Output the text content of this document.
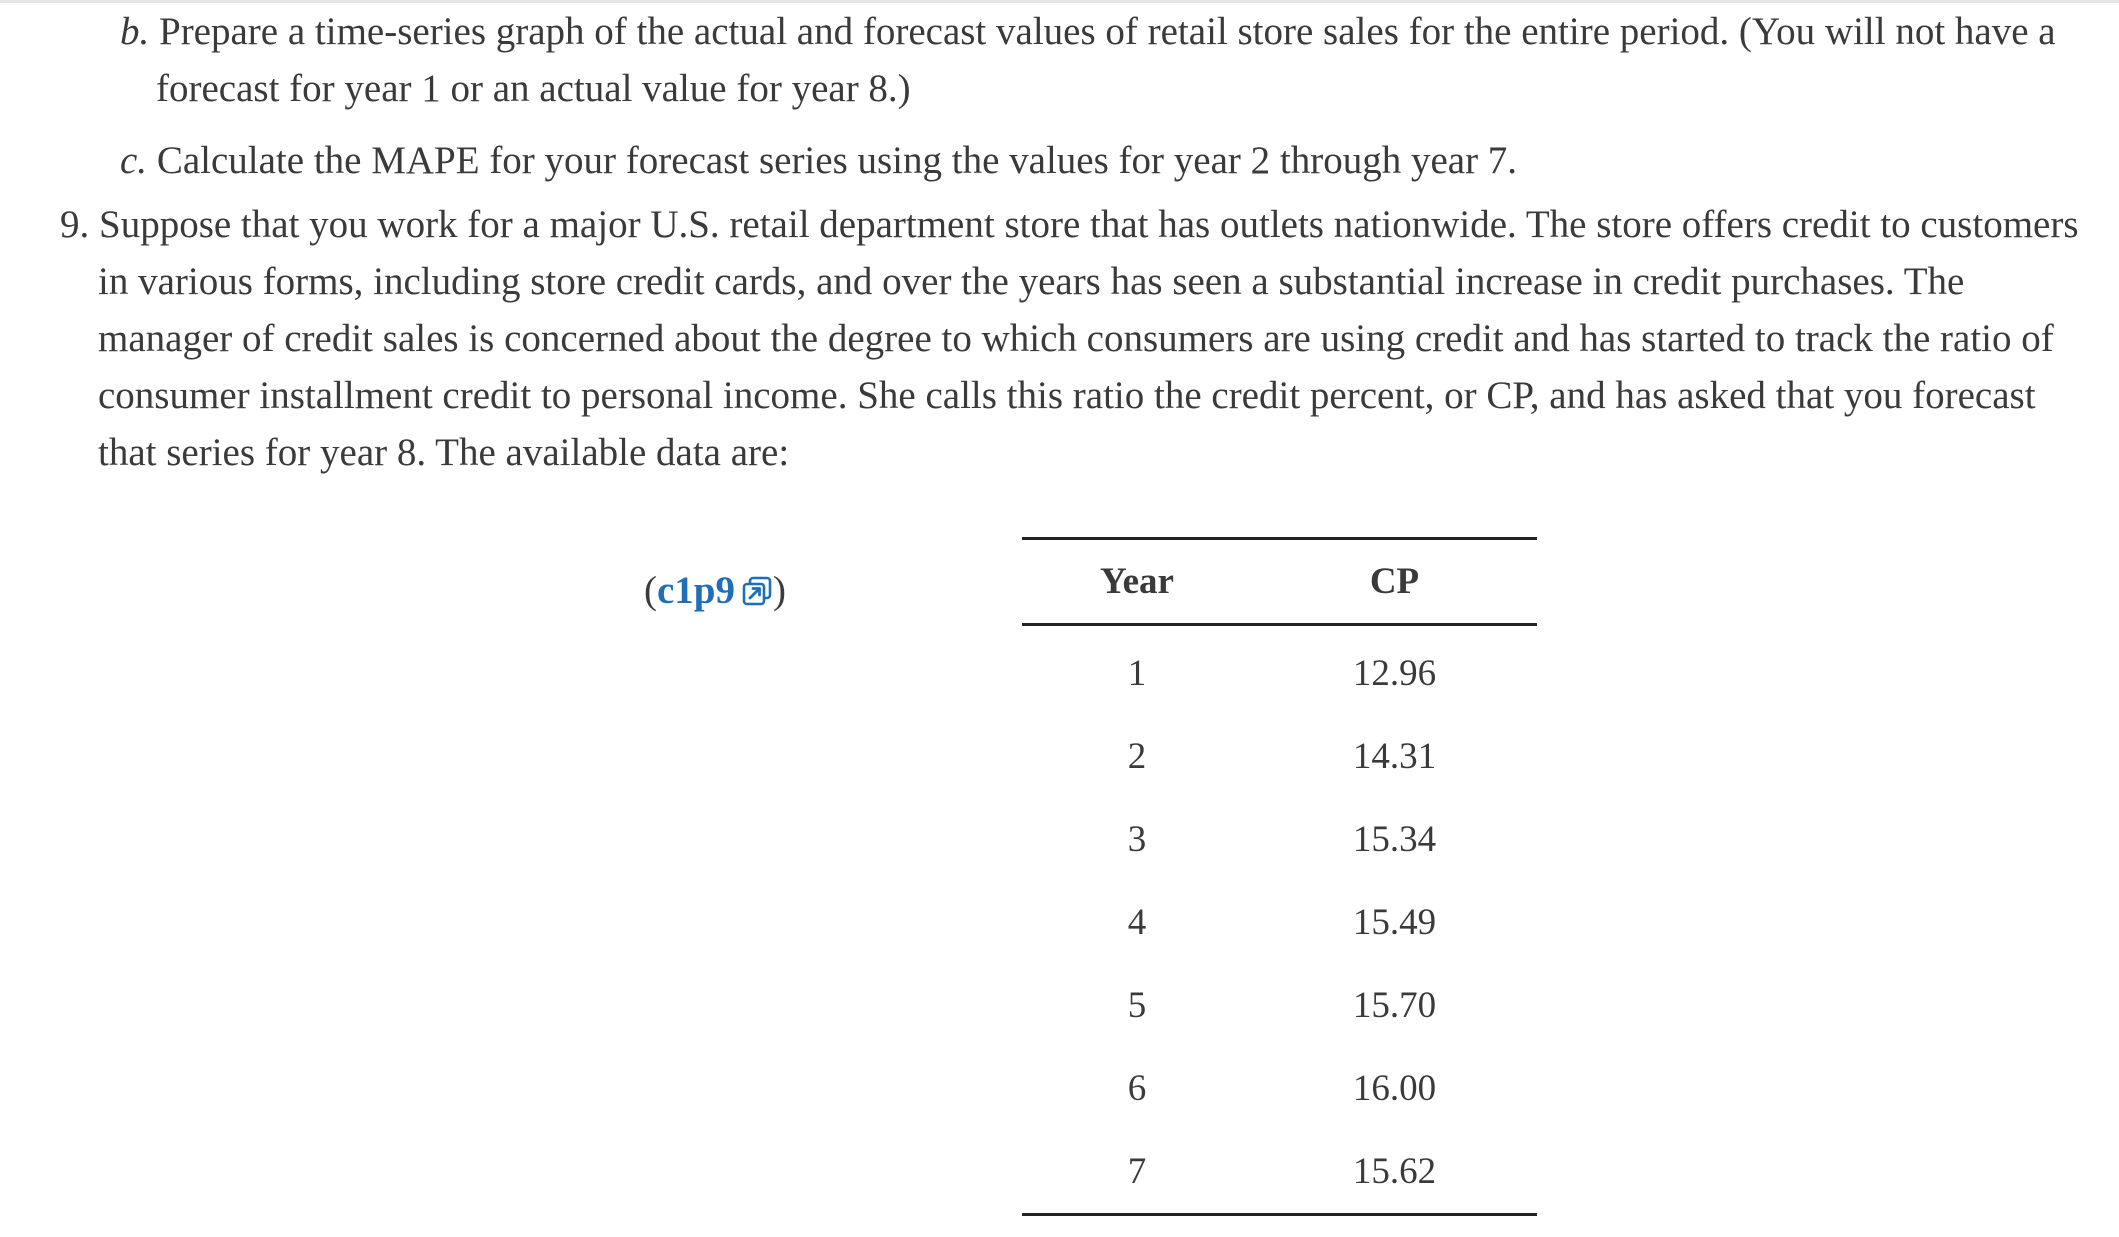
b. Prepare a time-series graph of the actual and forecast values of retail store sales for the entire period. (You will not have a
forecast for year 1 or an actual value for year 8.)

c. Calculate the MAPE for your forecast series using the values for year 2 through year 7.

9. Suppose that you work for a major U.S. retail department store that has outlets nationwide. The store offers credit to customers
in various forms, including store credit cards, and over the years has seen a substantial increase in credit purchases. The
manager of credit sales is concerned about the degree to which consumers are using credit and has started to track the ratio of
consumer installment credit to personal income. She calls this ratio the credit percent, or CP, and has asked that you forecast
that series for year 8. The available data are:

(c1p9 )	Year	CP
1	12.96
2	14.31
3	15.34
4	15.49
5	15.70
6	16.00
7	15.62
